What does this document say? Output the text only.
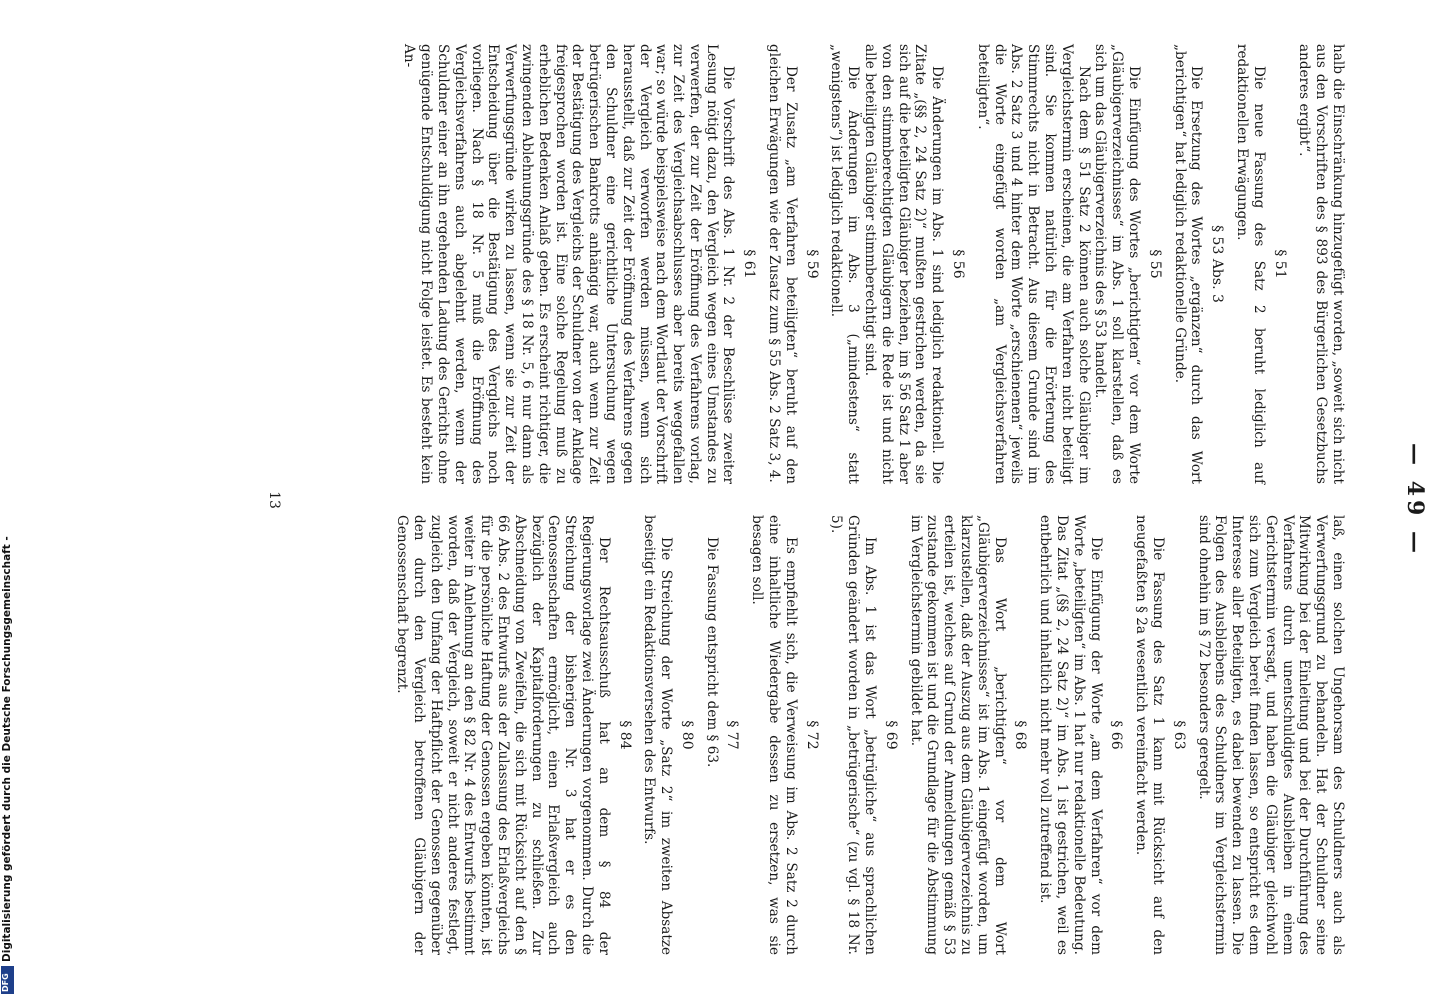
— 49 —

halb die Einschränkung hinzugefügt worden, „soweit sich nicht aus den Vorschriften des § 893 des Bürgerlichen Gesetzbuchs anderes ergibt“.

§ 51

Die neue Fassung des Satz 2 beruht lediglich auf redaktionellen Erwägungen.

§ 53 Abs. 3

Die Ersetzung des Wortes „ergänzen“ durch das Wort „berichtigen“ hat lediglich redaktionelle Gründe.

§ 55

Die Einfügung des Wortes „berichtigten“ vor dem Worte „Gläubigerverzeichnisses“ im Abs. 1 soll klarstellen, daß es sich um das Gläubigerverzeichnis des § 53 handelt.

Nach dem § 51 Satz 2 können auch solche Gläubiger im Vergleichstermin erscheinen, die am Verfahren nicht beteiligt sind. Sie kommen natürlich für die Erörterung des Stimmrechts nicht in Betracht. Aus diesem Grunde sind im Abs. 2 Satz 3 und 4 hinter dem Worte „erschienenen“ jeweils die Worte eingefügt worden „am Vergleichsverfahren beteiligten“.

§ 56

Die Änderungen im Abs. 1 sind lediglich redaktionell. Die Zitate „(§§ 2, 24 Satz 2)“ mußten gestrichen werden, da sie sich auf die beteiligten Gläubiger beziehen, im § 56 Satz 1 aber von den stimmberechtigten Gläubigern die Rede ist und nicht alle beteiligten Gläubiger stimmberechtigt sind.

Die Änderungen im Abs. 3 („mindestens“ statt „wenigstens“) ist lediglich redaktionell.

§ 59

Der Zusatz „am Verfahren beteiligten“ beruht auf den gleichen Erwägungen wie der Zusatz zum § 55 Abs. 2 Satz 3, 4.

§ 61

Die Vorschrift des Abs. 1 Nr. 2 der Beschlüsse zweiter Lesung nötigt dazu, den Vergleich wegen eines Umstandes zu verwerfen, der zur Zeit der Eröffnung des Verfahrens vorlag, zur Zeit des Vergleichsabschlusses aber bereits weggefallen war; so würde beispielsweise nach dem Wortlaut der Vorschrift der Vergleich verworfen werden müssen, wenn sich herausstellt, daß zur Zeit der Eröffnung des Verfahrens gegen den Schuldner eine gerichtliche Untersuchung wegen betrügerischen Bankrotts anhängig war, auch wenn zur Zeit der Bestätigung des Vergleichs der Schuldner von der Anklage freigesprochen worden ist. Eine solche Regelung muß zu erheblichen Bedenken Anlaß geben. Es erscheint richtiger, die zwingenden Ablehnungsgründe des § 18 Nr. 5, 6 nur dann als Verwerfungsgründe wirken zu lassen, wenn sie zur Zeit der Entscheidung über die Bestätigung des Vergleichs noch vorliegen. Nach § 18 Nr. 5 muß die Eröffnung des Vergleichsverfahrens auch abgelehnt werden, wenn der Schuldner einer an ihn ergehenden Ladung des Gerichts ohne genügende Entschuldigung nicht Folge leistet. Es besteht kein An-

laß, einen solchen Ungehorsam des Schuldners auch als Verwerfungsgrund zu behandeln. Hat der Schuldner seine Mitwirkung bei der Einleitung und bei der Durchführung des Verfahrens durch unentschuldigtes Ausbleiben in einem Gerichtstermin versagt, und haben die Gläubiger gleichwohl sich zum Vergleich bereit finden lassen, so entspricht es dem Interesse aller Beteiligten, es dabei bewenden zu lassen. Die Folgen des Ausbleibens des Schuldners im Vergleichstermin sind ohnehin im § 72 besonders geregelt.

§ 63

Die Fassung des Satz 1 kann mit Rücksicht auf den neugefaßten § 2a wesentlich vereinfacht werden.

§ 66

Die Einfügung der Worte „am dem Verfahren“ vor dem Worte „beteiligten“ im Abs. 1 hat nur redaktionelle Bedeutung. Das Zitat „(§§ 2, 24 Satz 2)“ im Abs. 1 ist gestrichen, weil es entbehrlich und inhaltlich nicht mehr voll zutreffend ist.

§ 68

Das Wort „berichtigten“ vor dem Wort „Gläubigerverzeichnisses“ ist im Abs. 1 eingefügt worden, um klarzustellen, daß der Auszug aus dem Gläubigerverzeichnis zu erteilen ist, welches auf Grund der Anmeldungen gemäß § 53 zustande gekommen ist und die Grundlage für die Abstimmung im Vergleichstermin gebildet hat.

§ 69

Im Abs. 1 ist das Wort „betrügliche“ aus sprachlichen Gründen geändert worden in „betrügerische“ (zu vgl. § 18 Nr. 5).

§ 72

Es empfiehlt sich, die Verweisung im Abs. 2 Satz 2 durch eine inhaltliche Wiedergabe dessen zu ersetzen, was sie besagen soll.

§ 77

Die Fassung entspricht dem § 63.

§ 80

Die Streichung der Worte „Satz 2“ im zweiten Absatze beseitigt ein Redaktionsversehen des Entwurfs.

§ 84

Der Rechtsausschuß hat an dem § 84 der Regierungsvorlage zwei Änderungen vorgenommen. Durch die Streichung der bisherigen Nr. 3 hat er es den Genossenschaften ermöglicht, einen Erlaßvergleich auch bezüglich der Kapitalforderungen zu schließen. Zur Abschneidung von Zweifeln, die sich mit Rücksicht auf den § 66 Abs. 2 des Entwurfs aus der Zulassung des Erlaßvergleichs für die persönliche Haftung der Genossen ergeben könnten, ist weiter in Anlehnung an den § 82 Nr. 4 des Entwurfs bestimmt worden, daß der Vergleich, soweit er nicht anderes festlegt, zugleich den Umfang der Haftpflicht der Genossen gegenüber den durch den Vergleich betroffenen Gläubigern der Genossenschaft begrenzt.

13
Digitalisierung gefördert durch die Deutsche Forschungsgemeinschaft -
DFG
